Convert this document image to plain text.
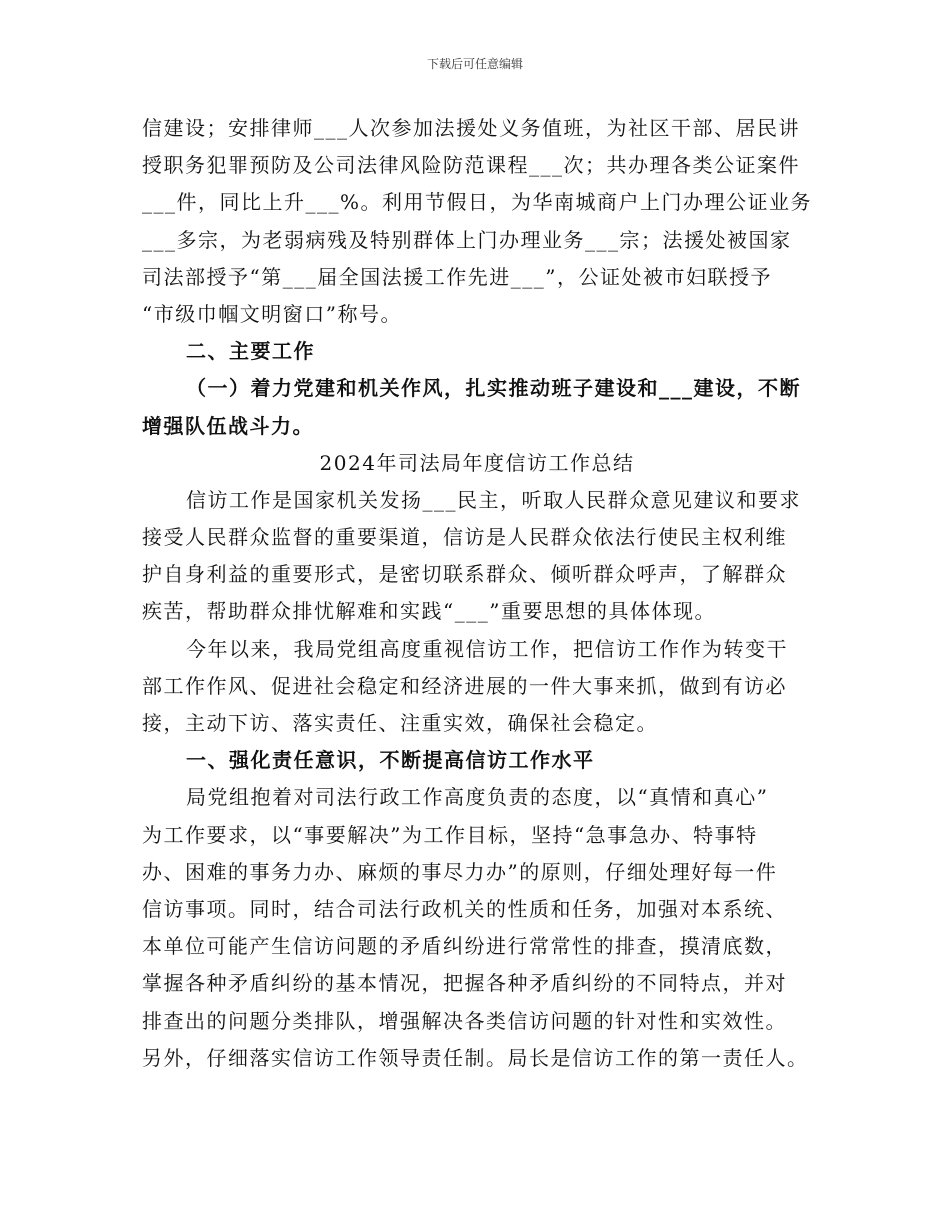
下载后可任意编辑
信建设；安排律师___人次参加法援处义务值班，为社区干部、居民讲
授职务犯罪预防及公司法律风险防范课程___次；共办理各类公证案件
___件，同比上升___%。利用节假日，为华南城商户上门办理公证业务
___多宗，为老弱病残及特别群体上门办理业务___宗；法援处被国家
司法部授予“第___届全国法援工作先进___”，公证处被市妇联授予
“市级巾帼文明窗口”称号。
二、主要工作
（一）着力党建和机关作风，扎实推动班子建设和___建设，不断
增强队伍战斗力。
2024年司法局年度信访工作总结
信访工作是国家机关发扬___民主，听取人民群众意见建议和要求
接受人民群众监督的重要渠道，信访是人民群众依法行使民主权利维
护自身利益的重要形式，是密切联系群众、倾听群众呼声，了解群众
疾苦，帮助群众排忧解难和实践“___”重要思想的具体体现。
今年以来，我局党组高度重视信访工作，把信访工作作为转变干
部工作作风、促进社会稳定和经济进展的一件大事来抓，做到有访必
接，主动下访、落实责任、注重实效，确保社会稳定。
一、强化责任意识，不断提高信访工作水平
局党组抱着对司法行政工作高度负责的态度，以“真情和真心”
为工作要求，以“事要解决”为工作目标，坚持“急事急办、特事特
办、困难的事务力办、麻烦的事尽力办”的原则，仔细处理好每一件
信访事项。同时，结合司法行政机关的性质和任务，加强对本系统、
本单位可能产生信访问题的矛盾纠纷进行常常性的排查，摸清底数，
掌握各种矛盾纠纷的基本情况，把握各种矛盾纠纷的不同特点，并对
排查出的问题分类排队，增强解决各类信访问题的针对性和实效性。
另外，仔细落实信访工作领导责任制。局长是信访工作的第一责任人。
